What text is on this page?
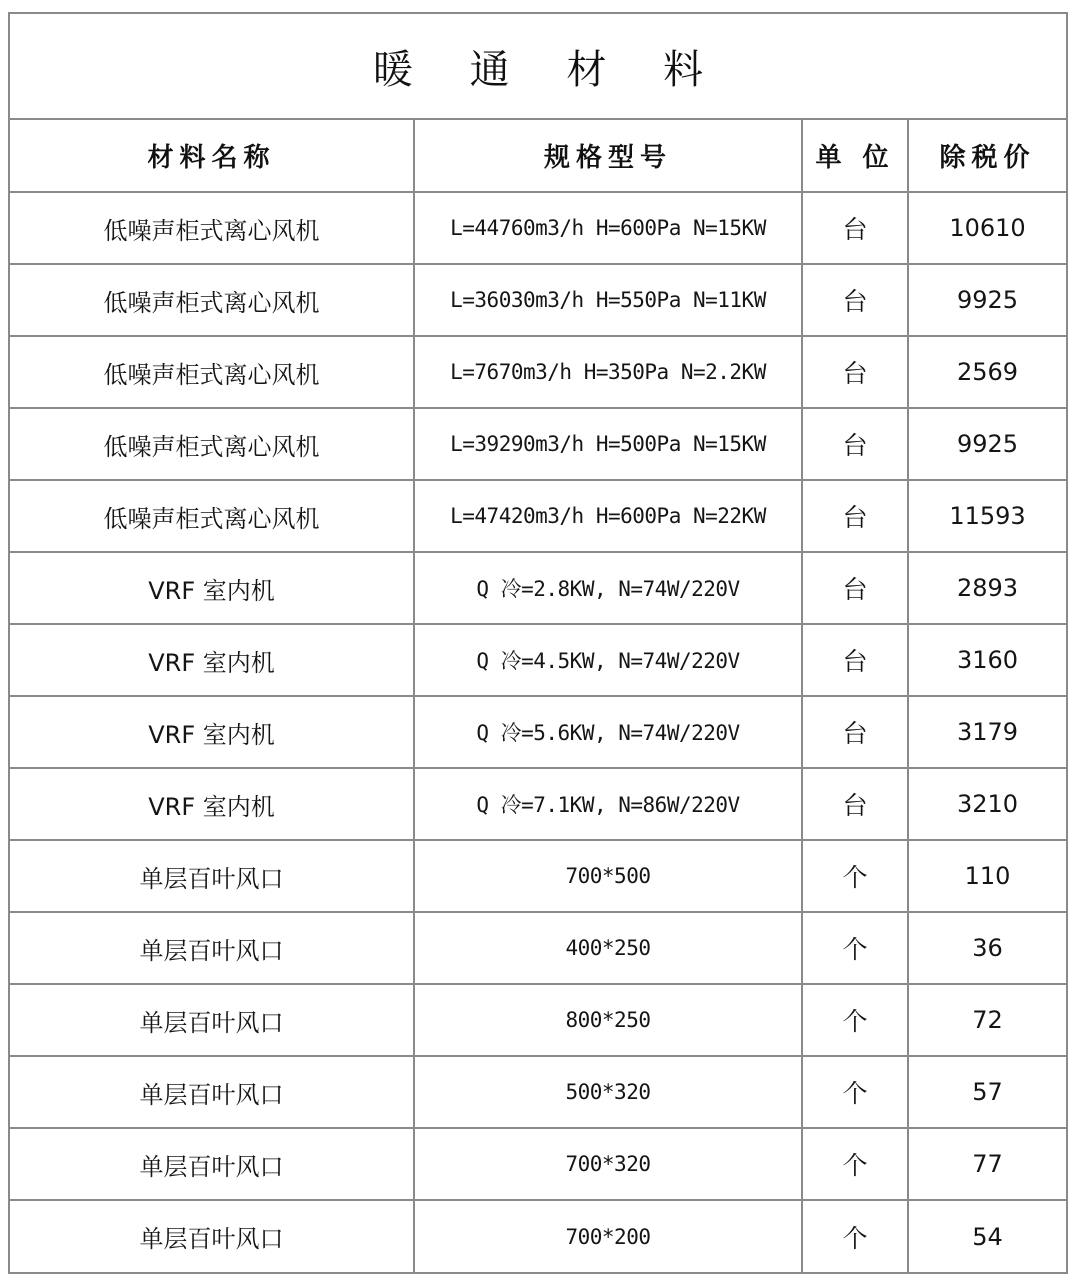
暖 通 材 料
材料名称	规格型号	单 位	除税价
低噪声柜式离心风机	L=44760m3/h H=600Pa N=15KW	台	10610
低噪声柜式离心风机	L=36030m3/h H=550Pa N=11KW	台	9925
低噪声柜式离心风机	L=7670m3/h H=350Pa N=2.2KW	台	2569
低噪声柜式离心风机	L=39290m3/h H=500Pa N=15KW	台	9925
低噪声柜式离心风机	L=47420m3/h H=600Pa N=22KW	台	11593
VRF 室内机	Q 冷=2.8KW, N=74W/220V	台	2893
VRF 室内机	Q 冷=4.5KW, N=74W/220V	台	3160
VRF 室内机	Q 冷=5.6KW, N=74W/220V	台	3179
VRF 室内机	Q 冷=7.1KW, N=86W/220V	台	3210
单层百叶风口	700*500	个	110
单层百叶风口	400*250	个	36
单层百叶风口	800*250	个	72
单层百叶风口	500*320	个	57
单层百叶风口	700*320	个	77
单层百叶风口	700*200	个	54
